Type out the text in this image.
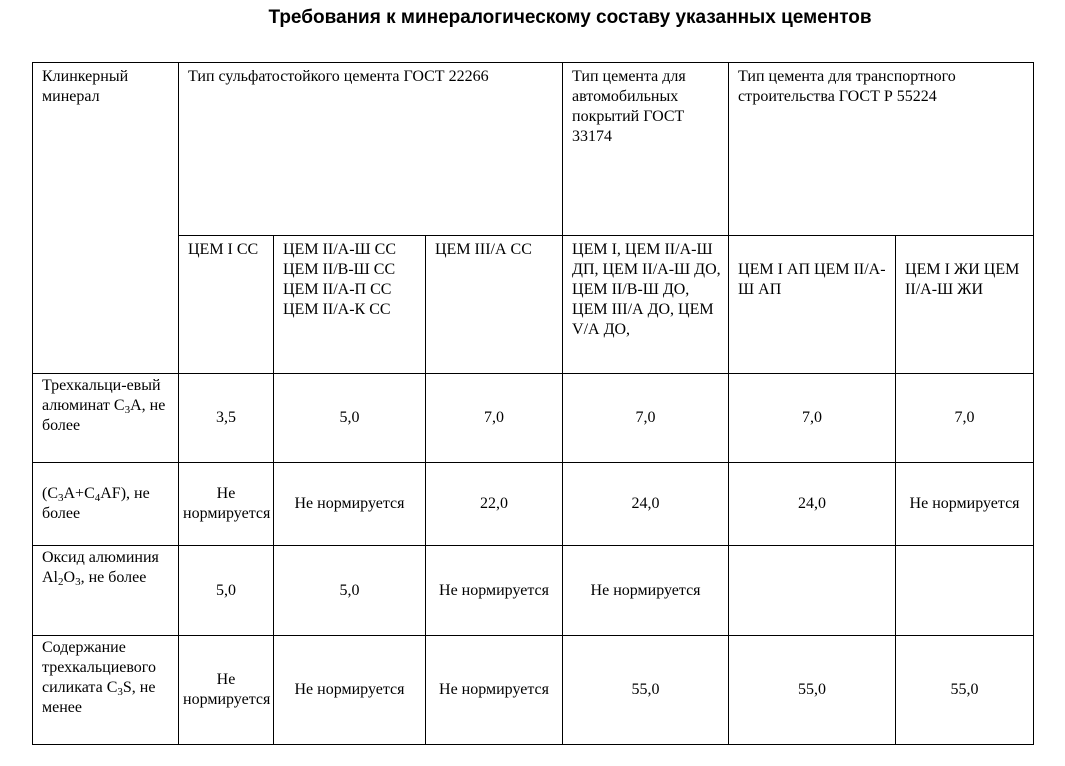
Требования к минералогическому составу указанных цементов
Клинкерный минерал	Тип сульфатостойкого цемента ГОСТ 22266			Тип цемента для автомобильных покрытий ГОСТ 33174	Тип цемента для транспортного строительства ГОСТ Р 55224	
	ЦЕМ I СС	ЦЕМ II/А-Ш СС ЦЕМ II/В-Ш СС ЦЕМ II/А-П СС ЦЕМ II/А-К СС	ЦЕМ III/А СС	ЦЕМ I, ЦЕМ II/А-Ш ДП, ЦЕМ II/А-Ш ДО, ЦЕМ II/В-Ш ДО, ЦЕМ III/А ДО, ЦЕМ V/А ДО,	ЦЕМ I АП ЦЕМ II/А-Ш АП	ЦЕМ I ЖИ ЦЕМ II/А-Ш ЖИ
Трехкальци-евый алюминат $C_3A$, не более	3,5	5,0	7,0	7,0	7,0	7,0
$(C_3A+C_4AF)$, не более	Не нормируется	Не нормируется	22,0	24,0	24,0	Не нормируется
Оксид алюминия $Al_2O_3$, не более	5,0	5,0	Не нормируется	Не нормируется		
Содержание трехкальциевого силиката $C_3S$, не менее	Не нормируется	Не нормируется	Не нормируется	55,0	55,0	55,0
